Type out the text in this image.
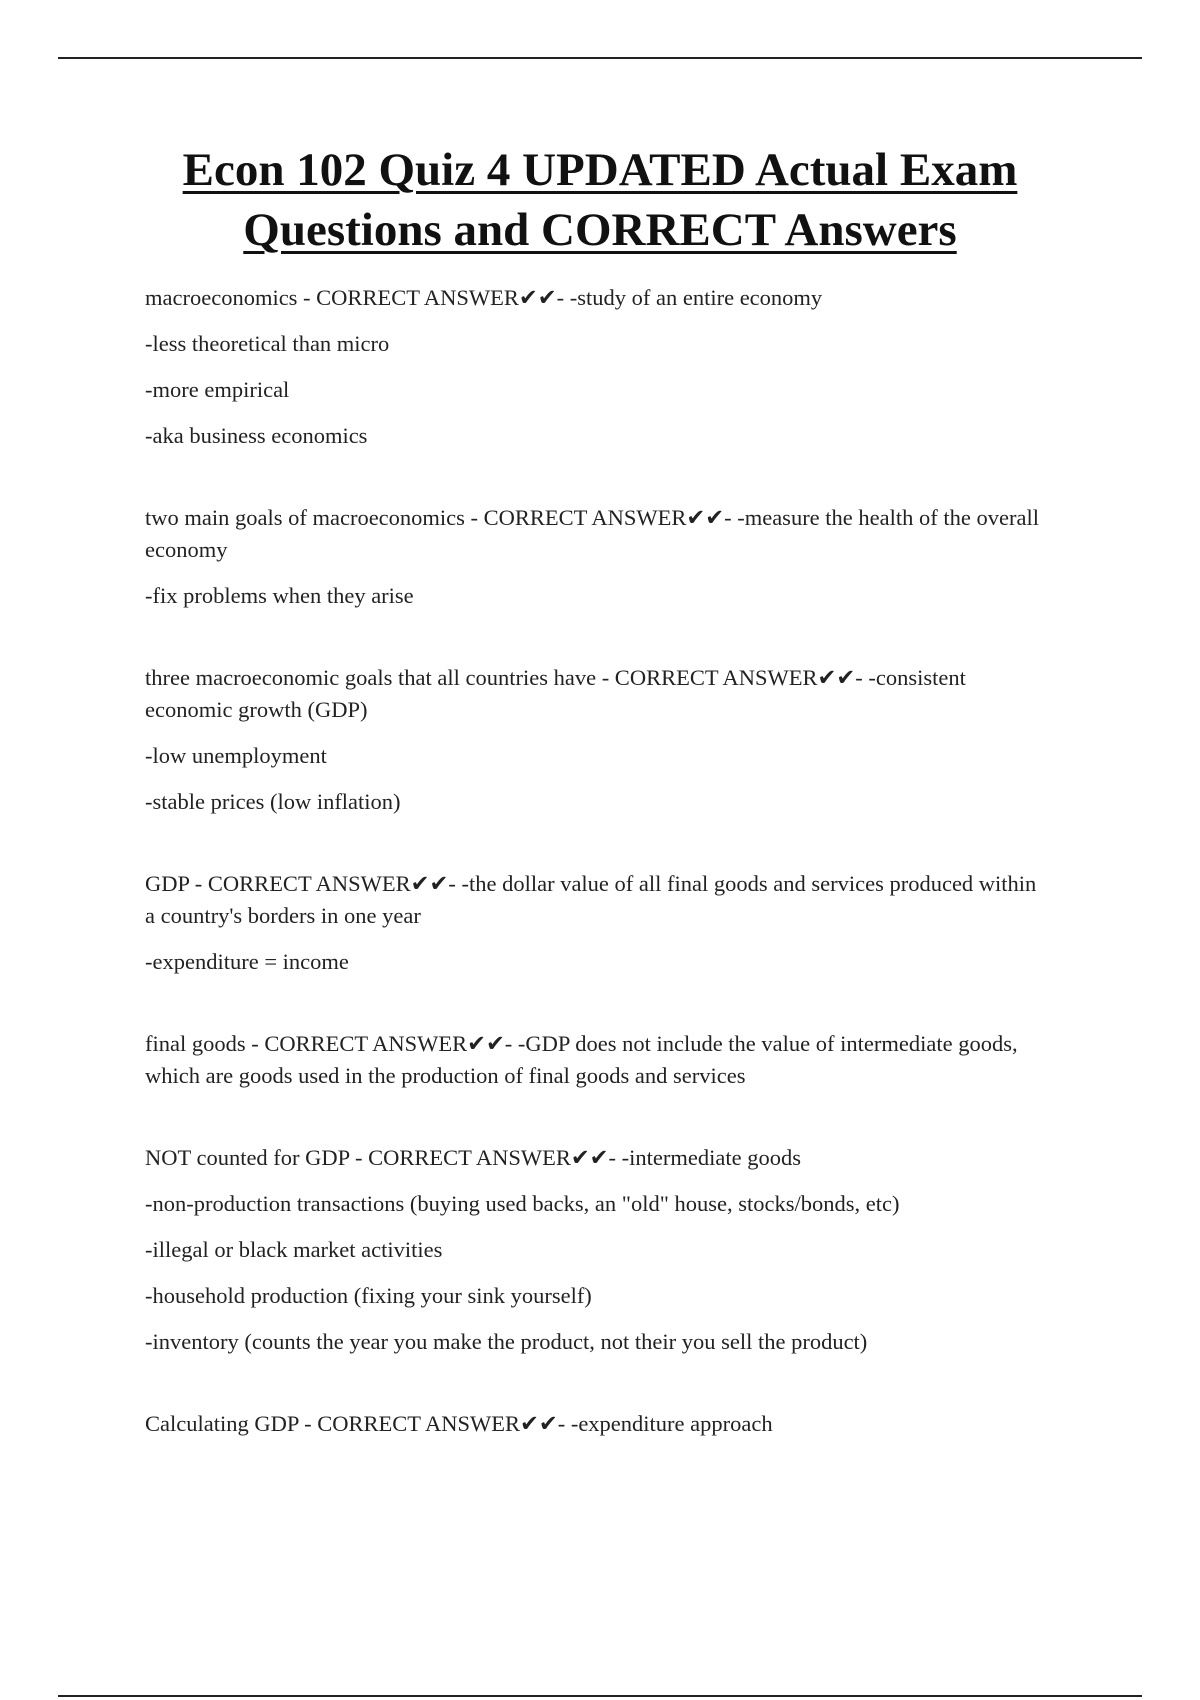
Econ 102 Quiz 4 UPDATED Actual Exam
Questions and CORRECT Answers

macroeconomics - CORRECT ANSWER✔✔- -study of an entire economy

-less theoretical than micro

-more empirical

-aka business economics

two main goals of macroeconomics - CORRECT ANSWER✔✔- -measure the health of the overall economy

-fix problems when they arise

three macroeconomic goals that all countries have - CORRECT ANSWER✔✔- -consistent economic growth (GDP)

-low unemployment

-stable prices (low inflation)

GDP - CORRECT ANSWER✔✔- -the dollar value of all final goods and services produced within a country's borders in one year

-expenditure = income

final goods - CORRECT ANSWER✔✔- -GDP does not include the value of intermediate goods, which are goods used in the production of final goods and services

NOT counted for GDP - CORRECT ANSWER✔✔- -intermediate goods

-non-production transactions (buying used backs, an "old" house, stocks/bonds, etc)

-illegal or black market activities

-household production (fixing your sink yourself)

-inventory (counts the year you make the product, not their you sell the product)

Calculating GDP - CORRECT ANSWER✔✔- -expenditure approach
